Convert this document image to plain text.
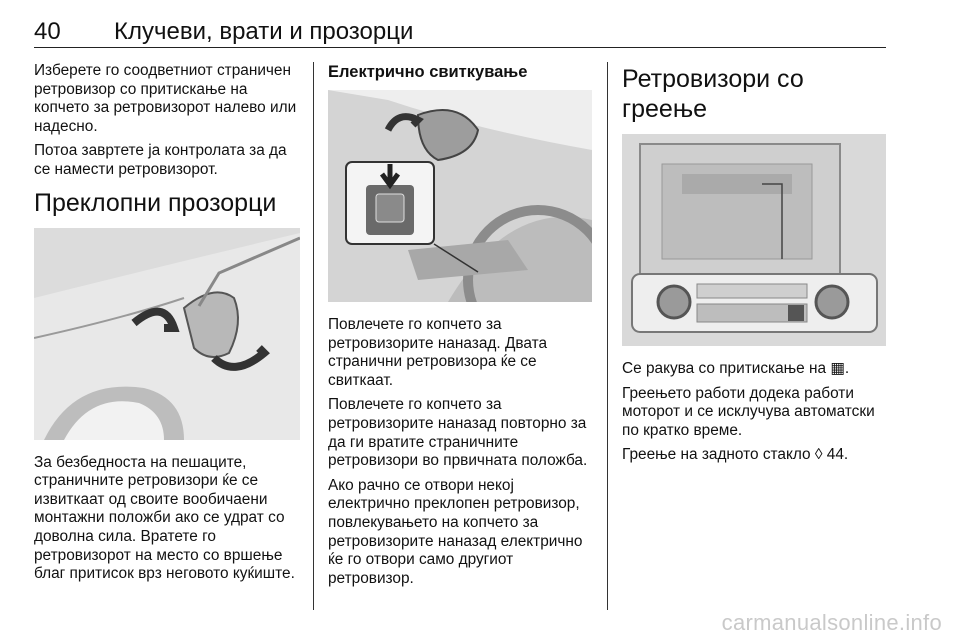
40 Клучеви, врати и прозорци

Изберете го соодветниот страничен ретровизор со притискање на копчето за ретровизорот налево или надесно.

Потоа завртете ја контролата за да се намести ретровизорот.

Преклопни прозорци

За безбедноста на пешаците, страничните ретровизори ќе се извиткаат од своите вообичаени монтажни положби ако се удрат со доволна сила. Вратете го ретровизорот на место со вршење благ притисок врз неговото куќиште.

Електрично свиткување

Повлечете го копчето за ретровизорите наназад. Двата странични ретровизора ќе се свиткаат.

Повлечете го копчето за ретровизорите наназад повторно за да ги вратите страничните ретровизори во првичната положба.

Ако рачно се отвори некој електрично преклопен ретровизор, повлекувањето на копчето за ретровизорите наназад електрично ќе го отвори само другиот ретровизор.

Ретровизори со греење

Се ракува со притискање на ▦.

Греењето работи додека работи моторот и се исклучува автоматски по кратко време.

Греење на задното стакло ◊ 44.

carmanualsonline.info
